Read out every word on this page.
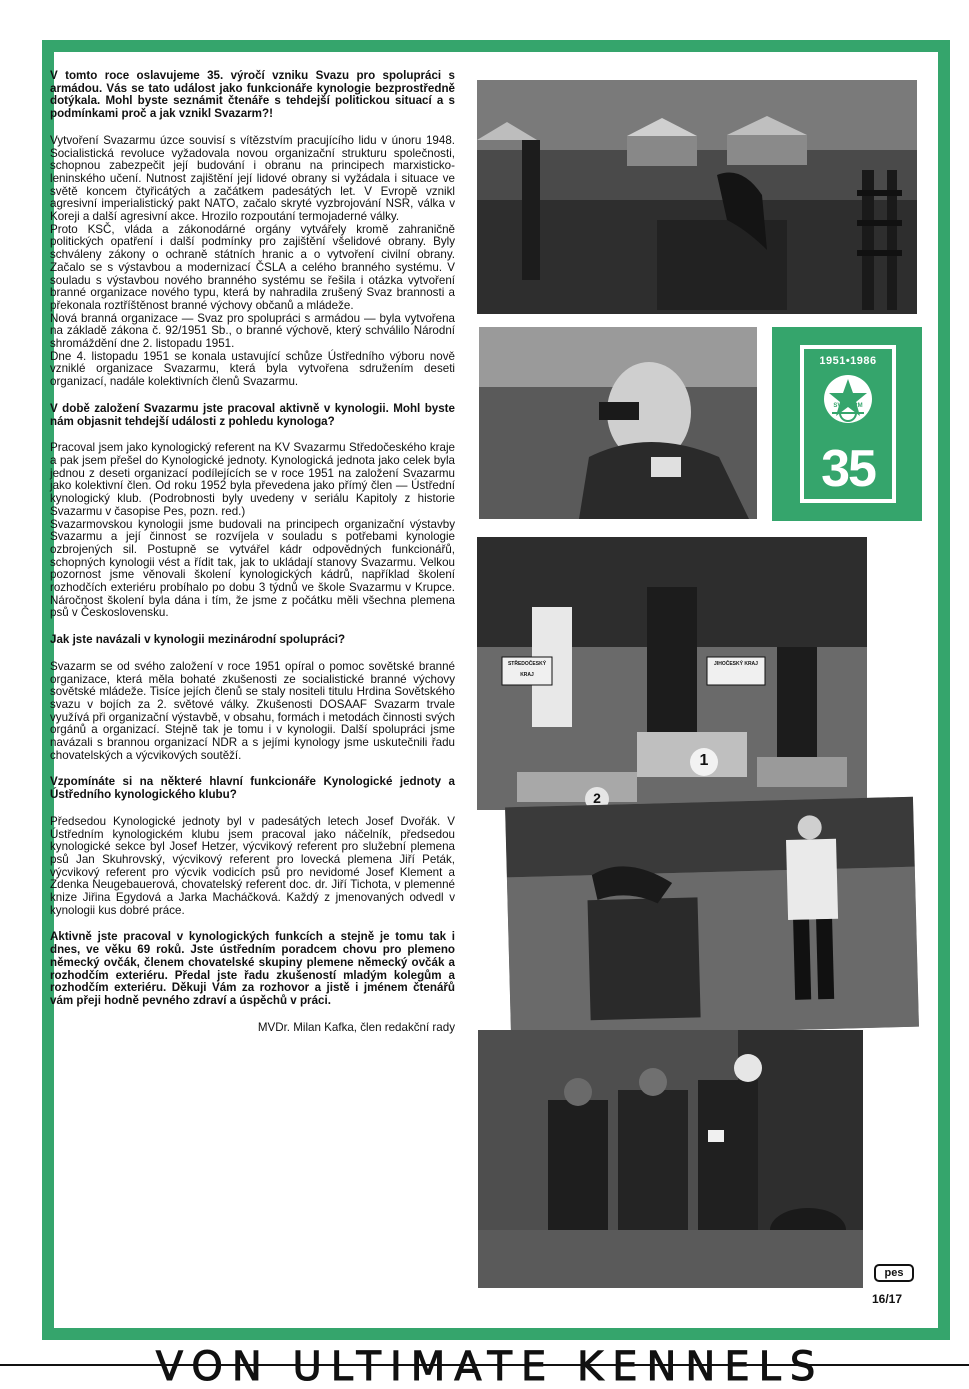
V tomto roce oslavujeme 35. výročí vzniku Svazu pro spolupráci s armádou. Vás se tato událost jako funkcionáře kynologie bezprostředně dotýkala. Mohl byste seznámit čtenáře s tehdejší politickou situací a s podmínkami proč a jak vznikl Svazarm?!

Vytvoření Svazarmu úzce souvisí s vítězstvím pracujícího lidu v únoru 1948. Socialistická revoluce vyžadovala novou organizační strukturu společnosti, schopnou zabezpečit její budování i obranu na principech marxisticko-leninského učení. Nutnost zajištění její lidové obrany si vyžádala i situace ve světě koncem čtyřicátých a začátkem padesátých let. V Evropě vznikl agresivní imperialistický pakt NATO, začalo skryté vyzbrojování NSR, válka v Koreji a další agresivní akce. Hrozilo rozpoutání termojaderné války.

Proto KSČ, vláda a zákonodárné orgány vytvářely kromě zahraničně politických opatření i další podmínky pro zajištění všelidové obrany. Byly schváleny zákony o ochraně státních hranic a o vytvoření civilní obrany. Začalo se s výstavbou a modernizací ČSLA a celého branného systému. V souladu s výstavbou nového branného systému se řešila i otázka vytvoření branné organizace nového typu, která by nahradila zrušený Svaz brannosti a překonala roztříštěnost branné výchovy občanů a mládeže.

Nová branná organizace — Svaz pro spolupráci s armádou — byla vytvořena na základě zákona č. 92/1951 Sb., o branné výchově, který schválilo Národní shromáždění dne 2. listopadu 1951.

Dne 4. listopadu 1951 se konala ustavující schůze Ústředního výboru nově vzniklé organizace Svazarmu, která byla vytvořena sdružením deseti organizací, nadále kolektivních členů Svazarmu.

V době založení Svazarmu jste pracoval aktivně v kynologii. Mohl byste nám objasnit tehdejší události z pohledu kynologa?

Pracoval jsem jako kynologický referent na KV Svazarmu Středočeského kraje a pak jsem přešel do Kynologické jednoty. Kynologická jednota jako celek byla jednou z deseti organizací podílejících se v roce 1951 na založení Svazarmu jako kolektivní člen. Od roku 1952 byla převedena jako přímý člen — Ústřední kynologický klub. (Podrobnosti byly uvedeny v seriálu Kapitoly z historie Svazarmu v časopise Pes, pozn. red.)

Svazarmovskou kynologii jsme budovali na principech organizační výstavby Svazarmu a její činnost se rozvíjela v souladu s potřebami kynologie ozbrojených sil. Postupně se vytvářel kádr odpovědných funkcionářů, schopných kynologii vést a řídit tak, jak to ukládají stanovy Svazarmu. Velkou pozornost jsme věnovali školení kynologických kádrů, například školení rozhodčích exteriéru probíhalo po dobu 3 týdnů ve škole Svazarmu v Krupce. Náročnost školení byla dána i tím, že jsme z počátku měli všechna plemena psů v Československu.

Jak jste navázali v kynologii mezinárodní spolupráci?

Svazarm se od svého založení v roce 1951 opíral o pomoc sovětské branné organizace, která měla bohaté zkušenosti ze socialistické branné výchovy sovětské mládeže. Tisíce jejích členů se staly nositeli titulu Hrdina Sovětského svazu v bojích za 2. světové války. Zkušenosti DOSAAF Svazarm trvale využívá při organizační výstavbě, v obsahu, formách i metodách činnosti svých orgánů a organizací. Stejně tak je tomu i v kynologii. Další spolupráci jsme navázali s brannou organizací NDR a s jejími kynology jsme uskutečnili řadu chovatelských a výcvikových soutěží.

Vzpomínáte si na některé hlavní funkcionáře Kynologické jednoty a Ústředního kynologického klubu?

Předsedou Kynologické jednoty byl v padesátých letech Josef Dvořák. V Ústředním kynologickém klubu jsem pracoval jako náčelník, předsedou kynologické sekce byl Josef Hetzer, výcvikový referent pro služební plemena psů Jan Skuhrovský, výcvikový referent pro lovecká plemena Jiří Peták, výcvikový referent pro výcvik vodicích psů pro nevidomé Josef Klement a Zdenka Neugebauerová, chovatelský referent doc. dr. Jiří Tichota, v plemenné knize Jiřina Egydová a Jarka Macháčková. Každý z jmenovaných odvedl v kynologii kus dobré práce.

Aktivně jste pracoval v kynologických funkcích a stejně je tomu tak i dnes, ve věku 69 roků. Jste ústředním poradcem chovu pro plemeno německý ovčák, členem chovatelské skupiny plemene německý ovčák a rozhodčím exteriéru. Předal jste řadu zkušeností mladým kolegům a rozhodčím exteriéru. Děkuji Vám za rozhovor a jistě i jménem čtenářů vám přeji hodně pevného zdraví a úspěchů v práci.

MVDr. Milan Kafka, člen redakční rady

1951•1986
SVAZARM
35
STŘEDOČESKÝ KRAJ
JIHOČESKÝ KRAJ
1
2
pes
16/17
VON ULTIMATE KENNELS
